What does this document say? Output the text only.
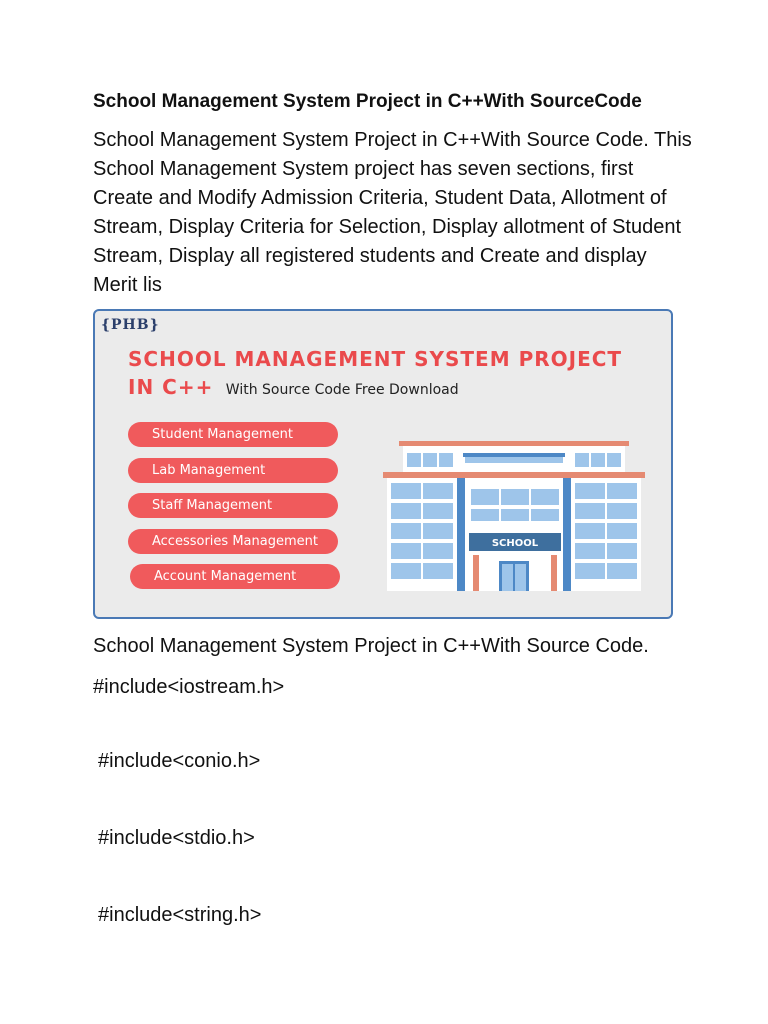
School Management System Project in C++With SourceCode

School Management System Project in C++With Source Code. This School Management System project has seven sections, first Create and Modify Admission Criteria, Student Data, Allotment of Stream, Display Criteria for Selection, Display allotment of Student Stream, Display all registered students and Create and display Merit lis

{PHB}
SCHOOL MANAGEMENT SYSTEM PROJECT
IN C++ With Source Code Free Download
Student Management
Lab Management
Staff Management
Accessories Management
Account Management
SCHOOL

School Management System Project in C++With Source Code.

#include<iostream.h>

#include<conio.h>

#include<stdio.h>

#include<string.h>
